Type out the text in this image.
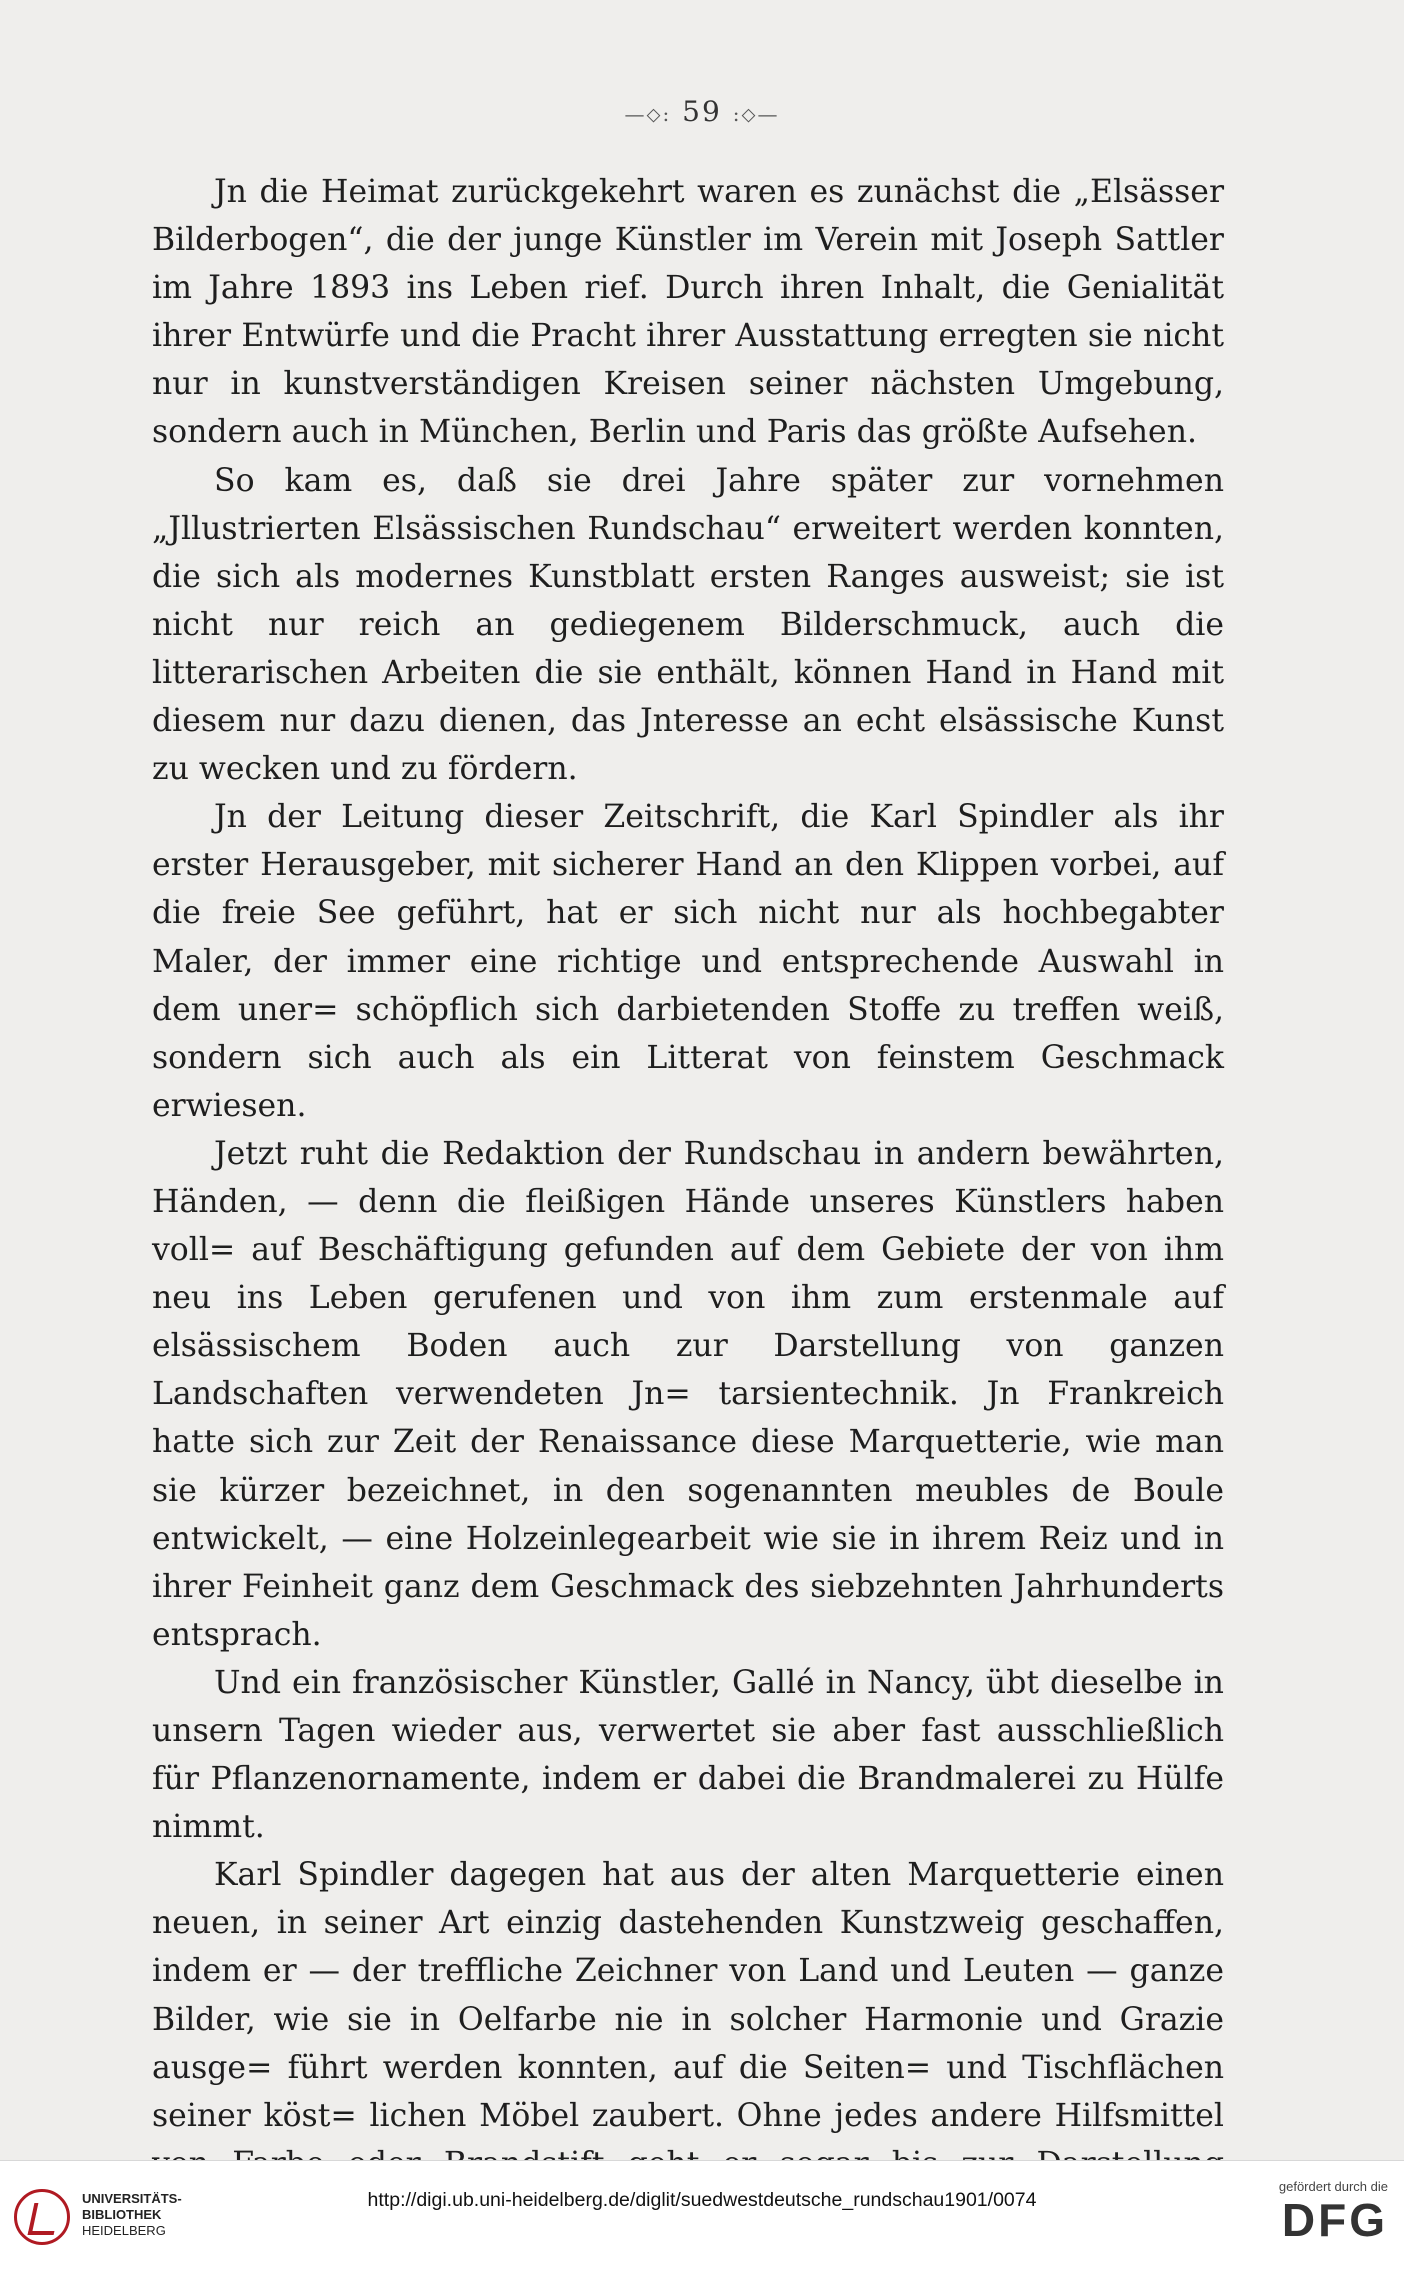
—⬦: 59 :⬦—

Jn die Heimat zurückgekehrt waren es zunächst die „Elsässer Bilderbogen“, die der junge Künstler im Verein mit Joseph Sattler im Jahre 1893 ins Leben rief. Durch ihren Inhalt, die Genialität ihrer Entwürfe und die Pracht ihrer Ausstattung erregten sie nicht nur in kunstverständigen Kreisen seiner nächsten Umgebung, sondern auch in München, Berlin und Paris das größte Aufsehen.

So kam es, daß sie drei Jahre später zur vornehmen „Jllustrierten Elsässischen Rundschau“ erweitert werden konnten, die sich als modernes Kunstblatt ersten Ranges ausweist; sie ist nicht nur reich an gediegenem Bilderschmuck, auch die litterarischen Arbeiten die sie enthält, können Hand in Hand mit diesem nur dazu dienen, das Jnteresse an echt elsässische Kunst zu wecken und zu fördern.

Jn der Leitung dieser Zeitschrift, die Karl Spindler als ihr erster Herausgeber, mit sicherer Hand an den Klippen vorbei, auf die freie See geführt, hat er sich nicht nur als hochbegabter Maler, der immer eine richtige und entsprechende Auswahl in dem uner= schöpflich sich darbietenden Stoffe zu treffen weiß, sondern sich auch als ein Litterat von feinstem Geschmack erwiesen.

Jetzt ruht die Redaktion der Rundschau in andern bewährten, Händen, — denn die fleißigen Hände unseres Künstlers haben voll= auf Beschäftigung gefunden auf dem Gebiete der von ihm neu ins Leben gerufenen und von ihm zum erstenmale auf elsässischem Boden auch zur Darstellung von ganzen Landschaften verwendeten Jn= tarsientechnik. Jn Frankreich hatte sich zur Zeit der Renaissance diese Marquetterie, wie man sie kürzer bezeichnet, in den sogenannten meubles de Boule entwickelt, — eine Holzeinlegearbeit wie sie in ihrem Reiz und in ihrer Feinheit ganz dem Geschmack des siebzehnten Jahrhunderts entsprach.

Und ein französischer Künstler, Gallé in Nancy, übt dieselbe in unsern Tagen wieder aus, verwertet sie aber fast ausschließlich für Pflanzenornamente, indem er dabei die Brandmalerei zu Hülfe nimmt.

Karl Spindler dagegen hat aus der alten Marquetterie einen neuen, in seiner Art einzig dastehenden Kunstzweig geschaffen, indem er — der treffliche Zeichner von Land und Leuten — ganze Bilder, wie sie in Oelfarbe nie in solcher Harmonie und Grazie ausge= führt werden konnten, auf die Seiten= und Tischflächen seiner köst= lichen Möbel zaubert. Ohne jedes andere Hilfsmittel

UNIVERSITÄTS-
BIBLIOTHEK
HEIDELBERG
http://digi.ub.uni-heidelberg.de/diglit/suedwestdeutsche_rundschau1901/0074
gefördert durch die
DFG
